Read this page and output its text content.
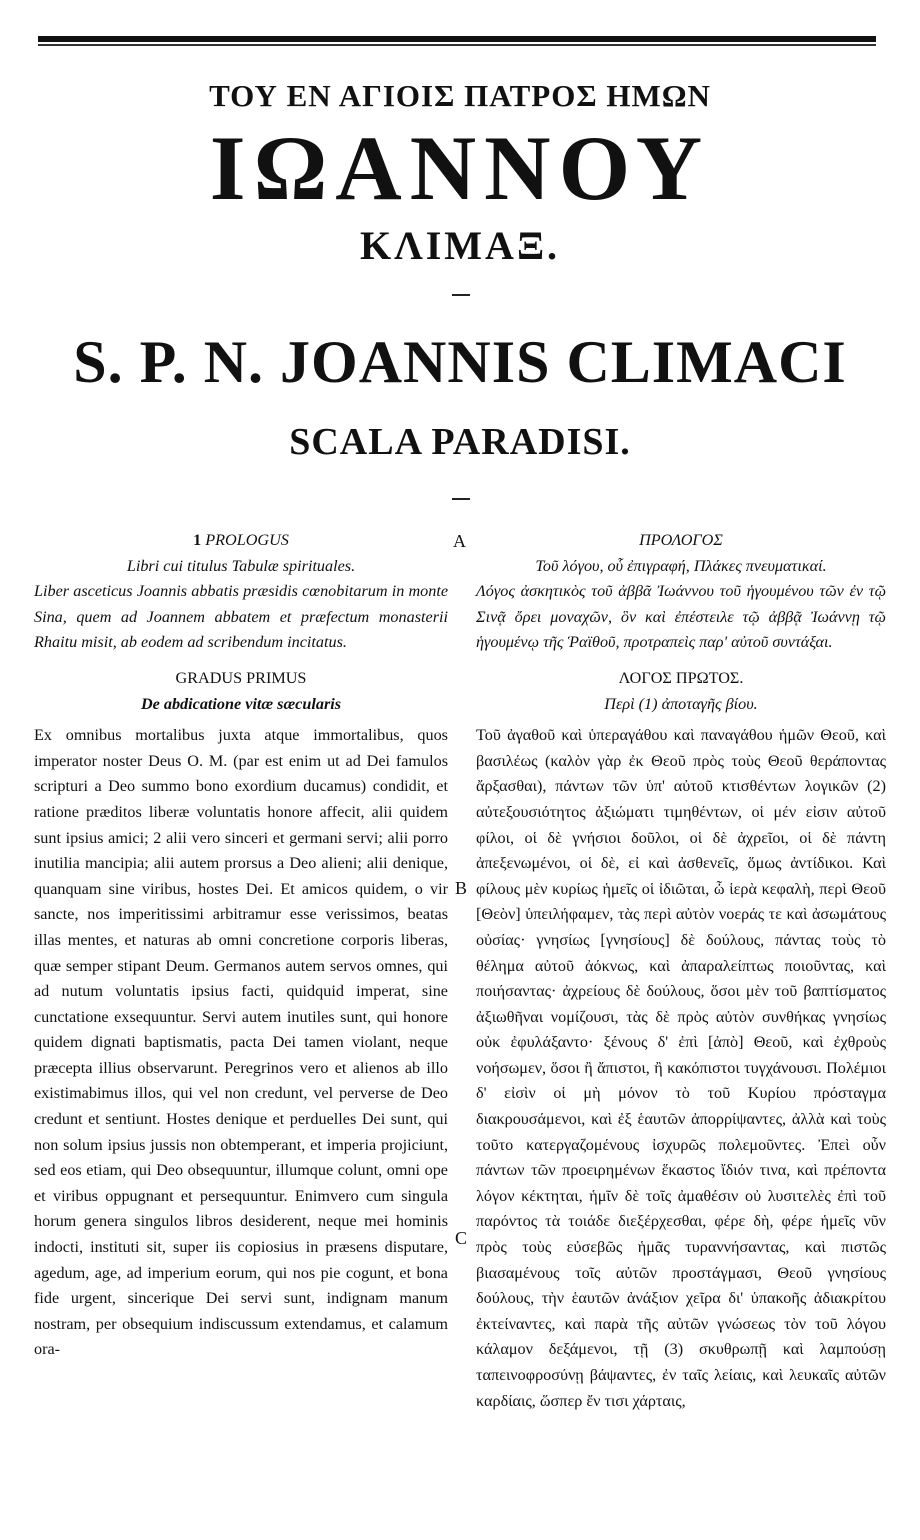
ΤΟΥ ΕΝ ΑΓΙΟΙΣ ΠΑΤΡΟΣ ΗΜΩΝ
ΙΩΑΝΝΟΥ
ΚΛΙΜΑΞ.
S. P. N. JOANNIS CLIMACI
SCALA PARADISI.

1 PROLOGUS

Libri cui titulus Tabulæ spirituales.

Liber asceticus Joannis abbatis præsidis cœnobitarum in monte Sina, quem ad Joannem abbatem et præfectum monasterii Rhaitu misit, ab eodem ad scribendum incitatus.

GRADUS PRIMUS

De abdicatione vitæ sæcularis

Ex omnibus mortalibus juxta atque immortalibus, quos imperator noster Deus O. M. (par est enim ut ad Dei famulos scripturi a Deo summo bono exordium ducamus) condidit, et ratione præditos liberæ voluntatis honore affecit, alii quidem sunt ipsius amici; 2 alii vero sinceri et germani servi; alii porro inutilia mancipia; alii autem prorsus a Deo alieni; alii denique, quanquam sine viribus, hostes Dei. Et amicos quidem, o vir sancte, nos imperitissimi arbitramur esse verissimos, beatas illas mentes, et naturas ab omni concretione corporis liberas, quæ semper stipant Deum. Germanos autem servos omnes, qui ad nutum voluntatis ipsius facti, quidquid imperat, sine cunctatione exsequuntur. Servi autem inutiles sunt, qui honore quidem dignati baptismatis, pacta Dei tamen violant, neque præcepta illius observarunt. Peregrinos vero et alienos ab illo existimabimus illos, qui vel non credunt, vel perverse de Deo credunt et sentiunt. Hostes denique et perduelles Dei sunt, qui non solum ipsius jussis non obtemperant, et imperia projiciunt, sed eos etiam, qui Deo obsequuntur, illumque colunt, omni ope et viribus oppugnant et persequuntur. Enimvero cum singula horum genera singulos libros desiderent, neque mei hominis indocti, instituti sit, super iis copiosius in præsens disputare, agedum, age, ad imperium eorum, qui nos pie cogunt, et bona fide urgent, sincerique Dei servi sunt, indignam manum nostram, per obsequium indiscussum extendamus, et calamum ora-

A
B
C

ΠΡΟΛΟΓΟΣ

Τοῦ λόγου, οὗ ἐπιγραφή, Πλάκες πνευματικαί.

Λόγος ἀσκητικὸς τοῦ ἀββᾶ Ἰωάννου τοῦ ἡγουμένου τῶν ἐν τῷ Σινᾷ ὄρει μοναχῶν, ὃν καὶ ἐπέστειλε τῷ ἀββᾷ Ἰωάννῃ τῷ ἡγουμένῳ τῆς Ῥαϊθοῦ, προτραπεὶς παρ' αὐτοῦ συντάξαι.

ΛΟΓΟΣ ΠΡΩΤΟΣ.

Περὶ (1) ἀποταγῆς βίου.

Τοῦ ἀγαθοῦ καὶ ὑπεραγάθου καὶ παναγάθου ἡμῶν Θεοῦ, καὶ βασιλέως (καλὸν γὰρ ἐκ Θεοῦ πρὸς τοὺς Θεοῦ θεράποντας ἄρξασθαι), πάντων τῶν ὑπ' αὐτοῦ κτισθέντων λογικῶν (2) αὐτεξουσιότητος ἀξιώματι τιμηθέντων, οἱ μέν εἰσιν αὐτοῦ φίλοι, οἱ δὲ γνήσιοι δοῦλοι, οἱ δὲ ἀχρεῖοι, οἱ δὲ πάντη ἀπεξενωμένοι, οἱ δὲ, εἰ καὶ ἀσθενεῖς, ὅμως ἀντίδικοι. Καὶ φίλους μὲν κυρίως ἡμεῖς οἱ ἰδιῶται, ὦ ἱερὰ κεφαλὴ, περὶ Θεοῦ [Θεὸν] ὑπειλήφαμεν, τὰς περὶ αὐτὸν νοεράς τε καὶ ἀσωμάτους οὐσίας· γνησίως [γνησίους] δὲ δούλους, πάντας τοὺς τὸ θέλημα αὐτοῦ ἀόκνως, καὶ ἀπαραλείπτως ποιοῦντας, καὶ ποιήσαντας· ἀχρείους δὲ δούλους, ὅσοι μὲν τοῦ βαπτίσματος ἀξιωθῆναι νομίζουσι, τὰς δὲ πρὸς αὐτὸν συνθήκας γνησίως οὐκ ἐφυλάξαντο· ξένους δ' ἐπὶ [ἀπὸ] Θεοῦ, καὶ ἐχθροὺς νοήσωμεν, ὅσοι ἢ ἄπιστοι, ἢ κακόπιστοι τυγχάνουσι. Πολέμιοι δ' εἰσὶν οἱ μὴ μόνον τὸ τοῦ Κυρίου πρόσταγμα διακρουσάμενοι, καὶ ἐξ ἑαυτῶν ἀπορρίψαντες, ἀλλὰ καὶ τοὺς τοῦτο κατεργαζομένους ἰσχυρῶς πολεμοῦντες. Ἐπεὶ οὖν πάντων τῶν προειρημένων ἕκαστος ἴδιόν τινα, καὶ πρέποντα λόγον κέκτηται, ἡμῖν δὲ τοῖς ἀμαθέσιν οὐ λυσιτελὲς ἐπὶ τοῦ παρόντος τὰ τοιάδε διεξέρχεσθαι, φέρε δὴ, φέρε ἡμεῖς νῦν πρὸς τοὺς εὐσεβῶς ἡμᾶς τυραννήσαντας, καὶ πιστῶς βιασαμένους τοῖς αὐτῶν προστάγμασι, Θεοῦ γνησίους δούλους, τὴν ἑαυτῶν ἀνάξιον χεῖρα δι' ὑπακοῆς ἀδιακρίτου ἐκτείναντες, καὶ παρὰ τῆς αὐτῶν γνώσεως τὸν τοῦ λόγου κάλαμον δεξάμενοι, τῇ (3) σκυθρωπῇ καὶ λαμπούσῃ ταπεινοφροσύνῃ βάψαντες, ἐν ταῖς λείαις, καὶ λευκαῖς αὐτῶν καρδίαις, ὥσπερ ἔν τισι χάρταις,
